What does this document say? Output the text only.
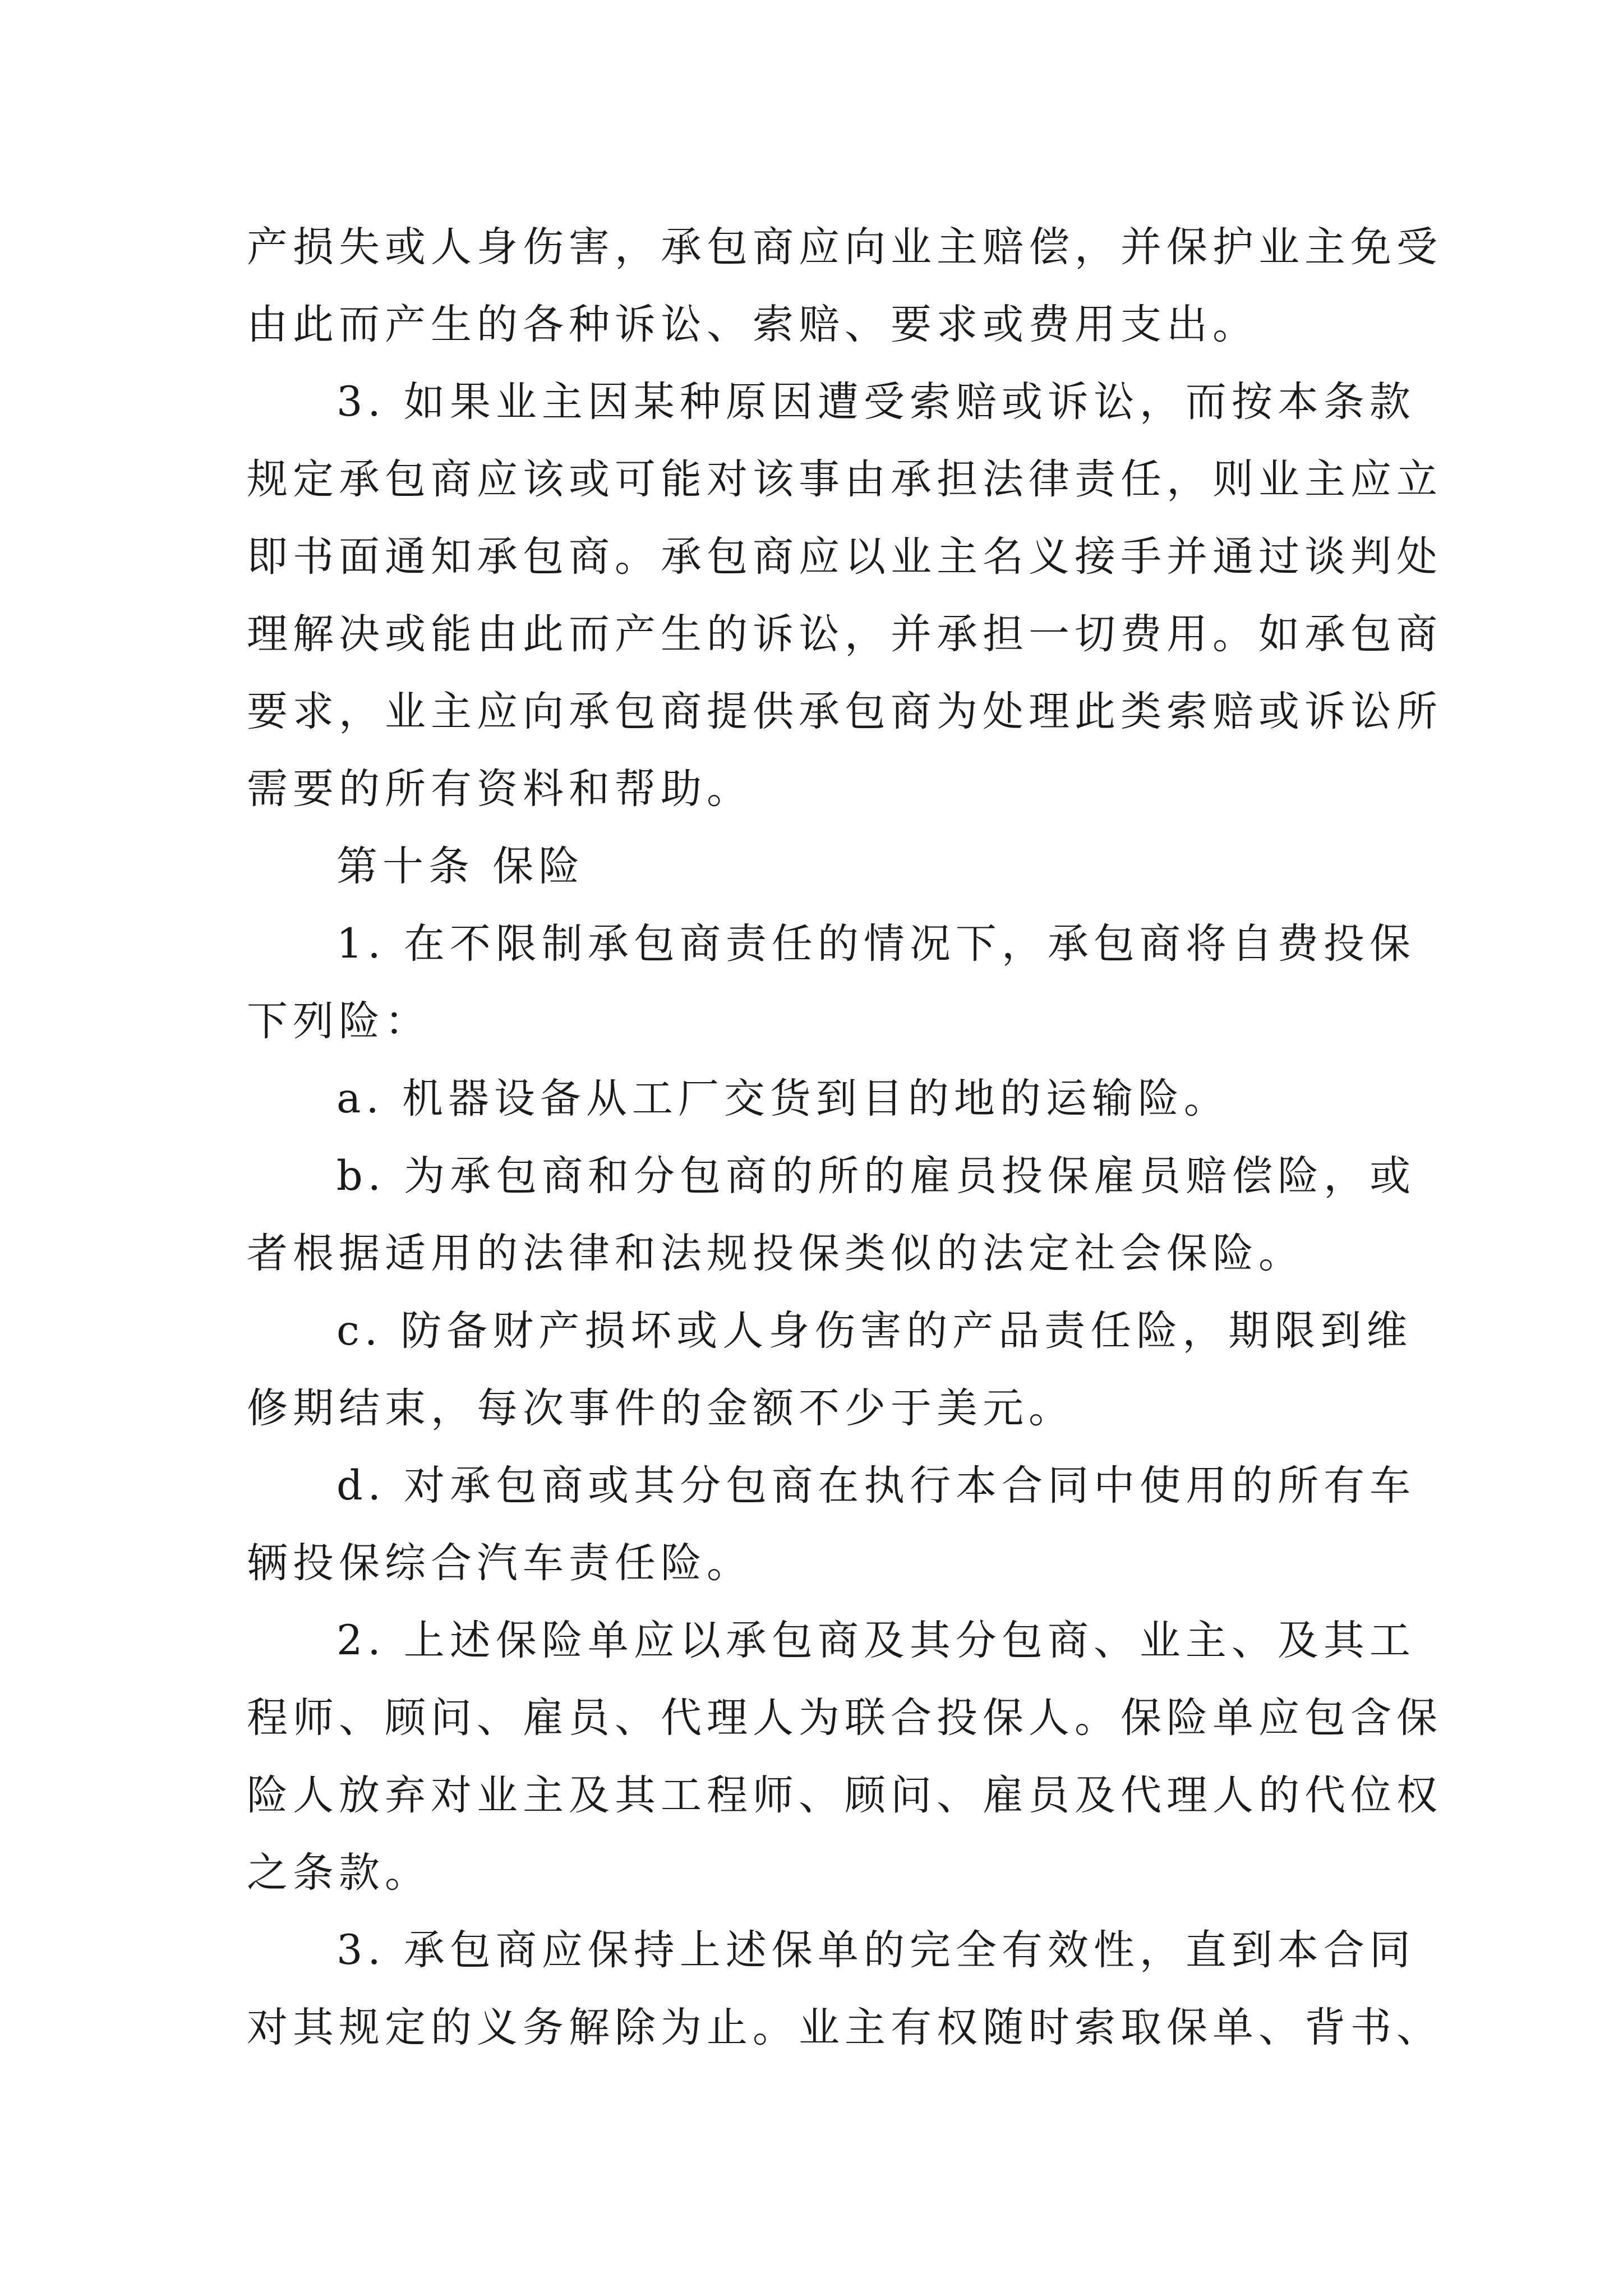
产损失或人身伤害，承包商应向业主赔偿，并保护业主免受
由此而产生的各种诉讼、索赔、要求或费用支出。
3. 如果业主因某种原因遭受索赔或诉讼，而按本条款
规定承包商应该或可能对该事由承担法律责任，则业主应立
即书面通知承包商。承包商应以业主名义接手并通过谈判处
理解决或能由此而产生的诉讼，并承担一切费用。如承包商
要求，业主应向承包商提供承包商为处理此类索赔或诉讼所
需要的所有资料和帮助。
第十条 保险
1. 在不限制承包商责任的情况下，承包商将自费投保
下列险：
a. 机器设备从工厂交货到目的地的运输险。
b. 为承包商和分包商的所的雇员投保雇员赔偿险，或
者根据适用的法律和法规投保类似的法定社会保险。
c. 防备财产损坏或人身伤害的产品责任险，期限到维
修期结束，每次事件的金额不少于美元。
d. 对承包商或其分包商在执行本合同中使用的所有车
辆投保综合汽车责任险。
2. 上述保险单应以承包商及其分包商、业主、及其工
程师、顾问、雇员、代理人为联合投保人。保险单应包含保
险人放弃对业主及其工程师、顾问、雇员及代理人的代位权
之条款。
3. 承包商应保持上述保单的完全有效性，直到本合同
对其规定的义务解除为止。业主有权随时索取保单、背书、
